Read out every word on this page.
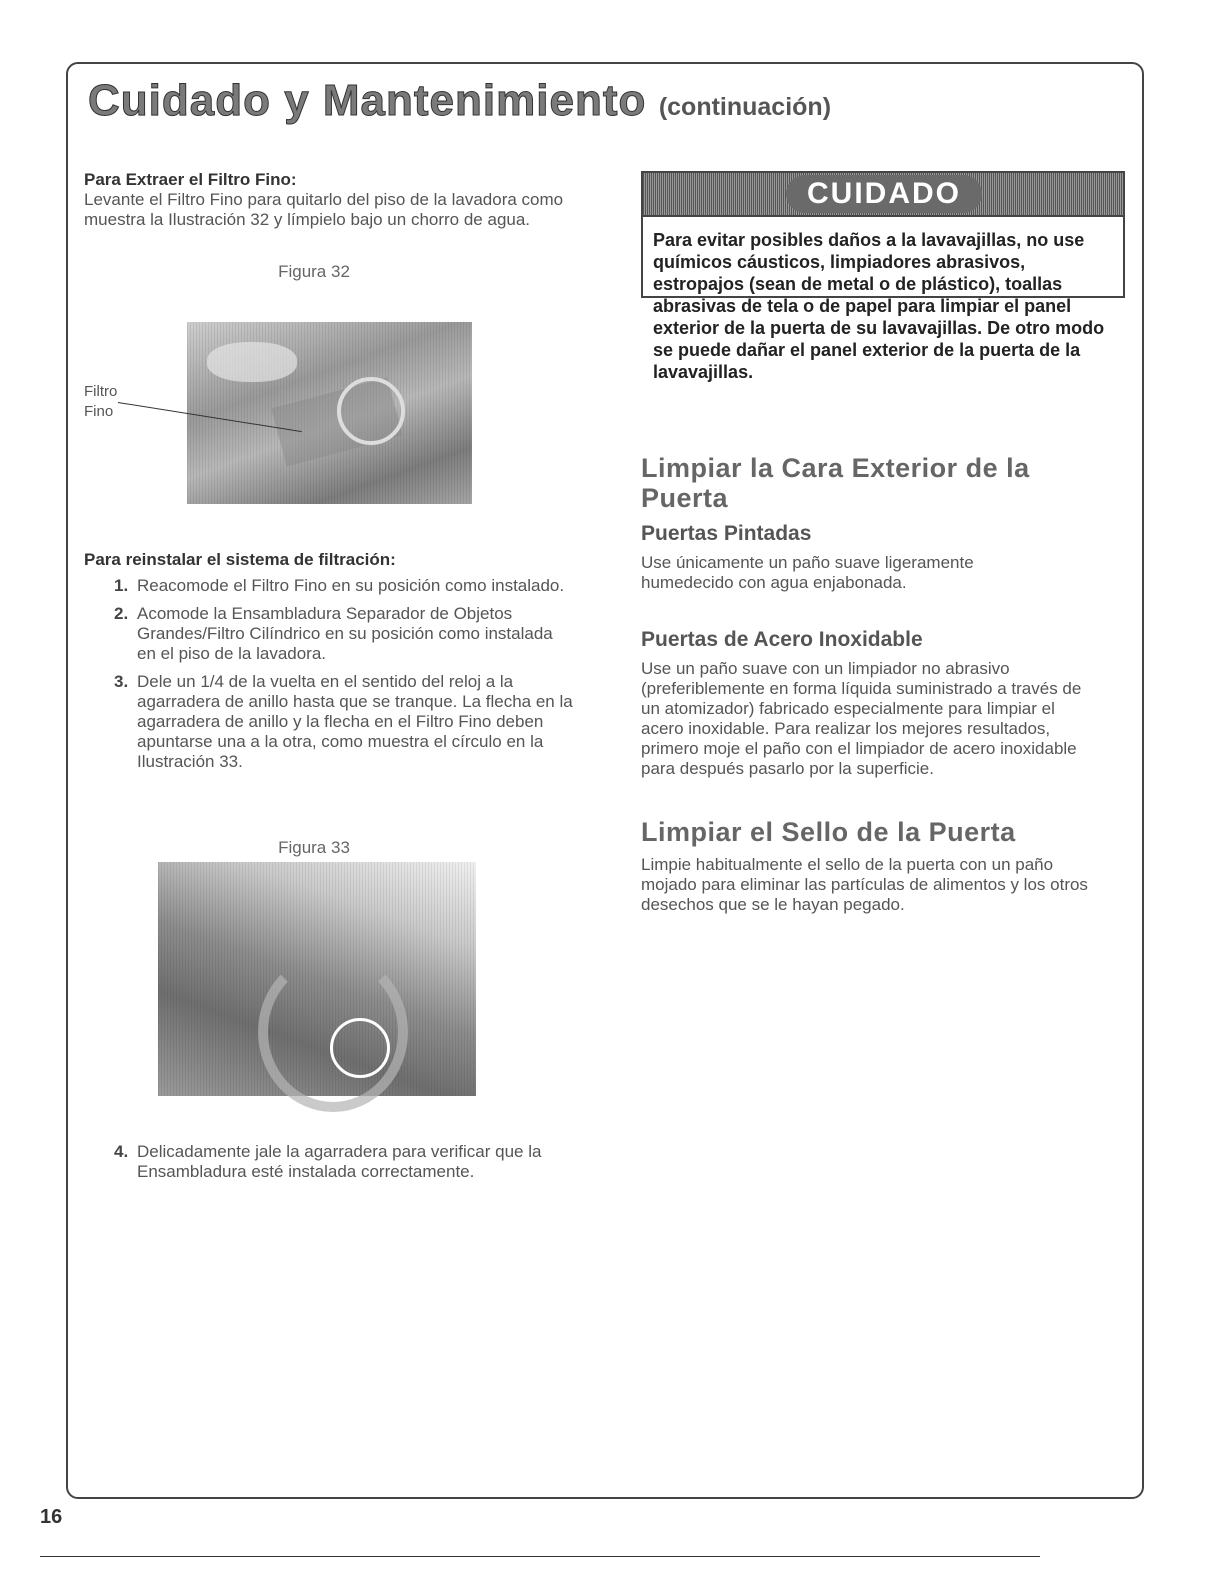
Cuidado y Mantenimiento (continuación)

Para Extraer el Filtro Fino:

Levante el Filtro Fino para quitarlo del piso de la lavadora como muestra la Ilustración 32 y límpielo bajo un chorro de agua.

Figura 32
Filtro Fino

Para reinstalar el sistema de filtración:

1. Reacomode el Filtro Fino en su posición como instalado.
2. Acomode la Ensambladura Separador de Objetos Grandes/Filtro Cilíndrico en su posición como instalada en el piso de la lavadora.
3. Dele un 1/4 de la vuelta en el sentido del reloj a la agarradera de anillo hasta que se tranque. La flecha en la agarradera de anillo y la flecha en el Filtro Fino deben apuntarse una a la otra, como muestra el círculo en la Ilustración 33.
Figura 33
4. Delicadamente jale la agarradera para verificar que la Ensambladura esté instalada correctamente.
CUIDADO

Para evitar posibles daños a la lavavajillas, no use químicos cáusticos, limpiadores abrasivos, estropajos (sean de metal o de plástico), toallas abrasivas de tela o de papel para limpiar el panel exterior de la puerta de su lavavajillas. De otro modo se puede dañar el panel exterior de la puerta de la lavavajillas.

Limpiar la Cara Exterior de la Puerta

Puertas Pintadas

Use únicamente un paño suave ligeramente humedecido con agua enjabonada.

Puertas de Acero Inoxidable

Use un paño suave con un limpiador no abrasivo (preferiblemente en forma líquida suministrado a través de un atomizador) fabricado especialmente para limpiar el acero inoxidable. Para realizar los mejores resultados, primero moje el paño con el limpiador de acero inoxidable para después pasarlo por la superficie.

Limpiar el Sello de la Puerta

Limpie habitualmente el sello de la puerta con un paño mojado para eliminar las partículas de alimentos y los otros desechos que se le hayan pegado.

16
